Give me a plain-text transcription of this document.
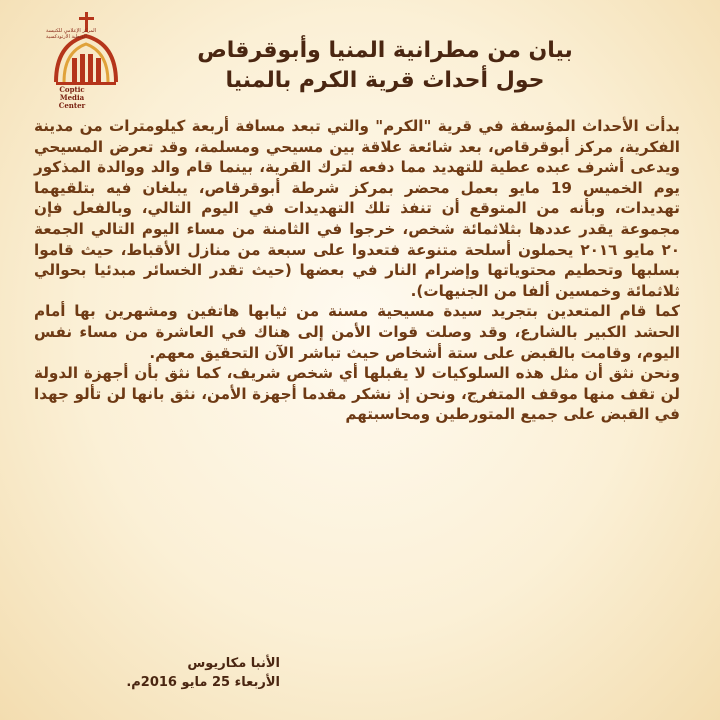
المركز الإعلامي للكنيسة القبطية الأرثوذكسية
Coptic Media Center
بيان من مطرانية المنيا وأبوقرقاص
حول أحداث قرية الكرم بالمنيا

بدأت الأحداث المؤسفة في قرية "الكرم" والتي تبعد مسافة أربعة كيلومترات من مدينة الفكرية، مركز أبوقرقاص، بعد شائعة علاقة بين مسيحي ومسلمة، وقد تعرض المسيحي ويدعى أشرف عبده عطية للتهديد مما دفعه لترك القرية، بينما قام والد ووالدة المذكور يوم الخميس 19 مايو بعمل محضر بمركز شرطة أبوقرقاص، يبلغان فيه بتلقيهما تهديدات، وبأنه من المتوقع أن تنفذ تلك التهديدات في اليوم التالي، وبالفعل فإن مجموعة يقدر عددها بثلاثمائة شخص، خرجوا في الثامنة من مساء اليوم التالي الجمعة ٢٠ مايو ٢٠١٦ يحملون أسلحة متنوعة فتعدوا على سبعة من منازل الأقباط، حيث قاموا بسلبها وتحطيم محتوياتها وإضرام النار في بعضها (حيث تقدر الخسائر مبدئيا بحوالي ثلاثمائة وخمسين ألفا من الجنيهات).

كما قام المتعدين بتجريد سيدة مسيحية مسنة من ثيابها هاتفين ومشهرين بها أمام الحشد الكبير بالشارع، وقد وصلت قوات الأمن إلى هناك في العاشرة من مساء نفس اليوم، وقامت بالقبض على ستة أشخاص حيث تباشر الآن التحقيق معهم.

ونحن نثق أن مثل هذه السلوكيات لا يقبلها أي شخص شريف، كما نثق بأن أجهزة الدولة لن تقف منها موقف المتفرج، ونحن إذ نشكر مقدما أجهزة الأمن، نثق بانها لن تألو جهدا في القبض على جميع المتورطين ومحاسبتهم

الأنبا مكاريوس
الأربعاء 25 مايو 2016م.
